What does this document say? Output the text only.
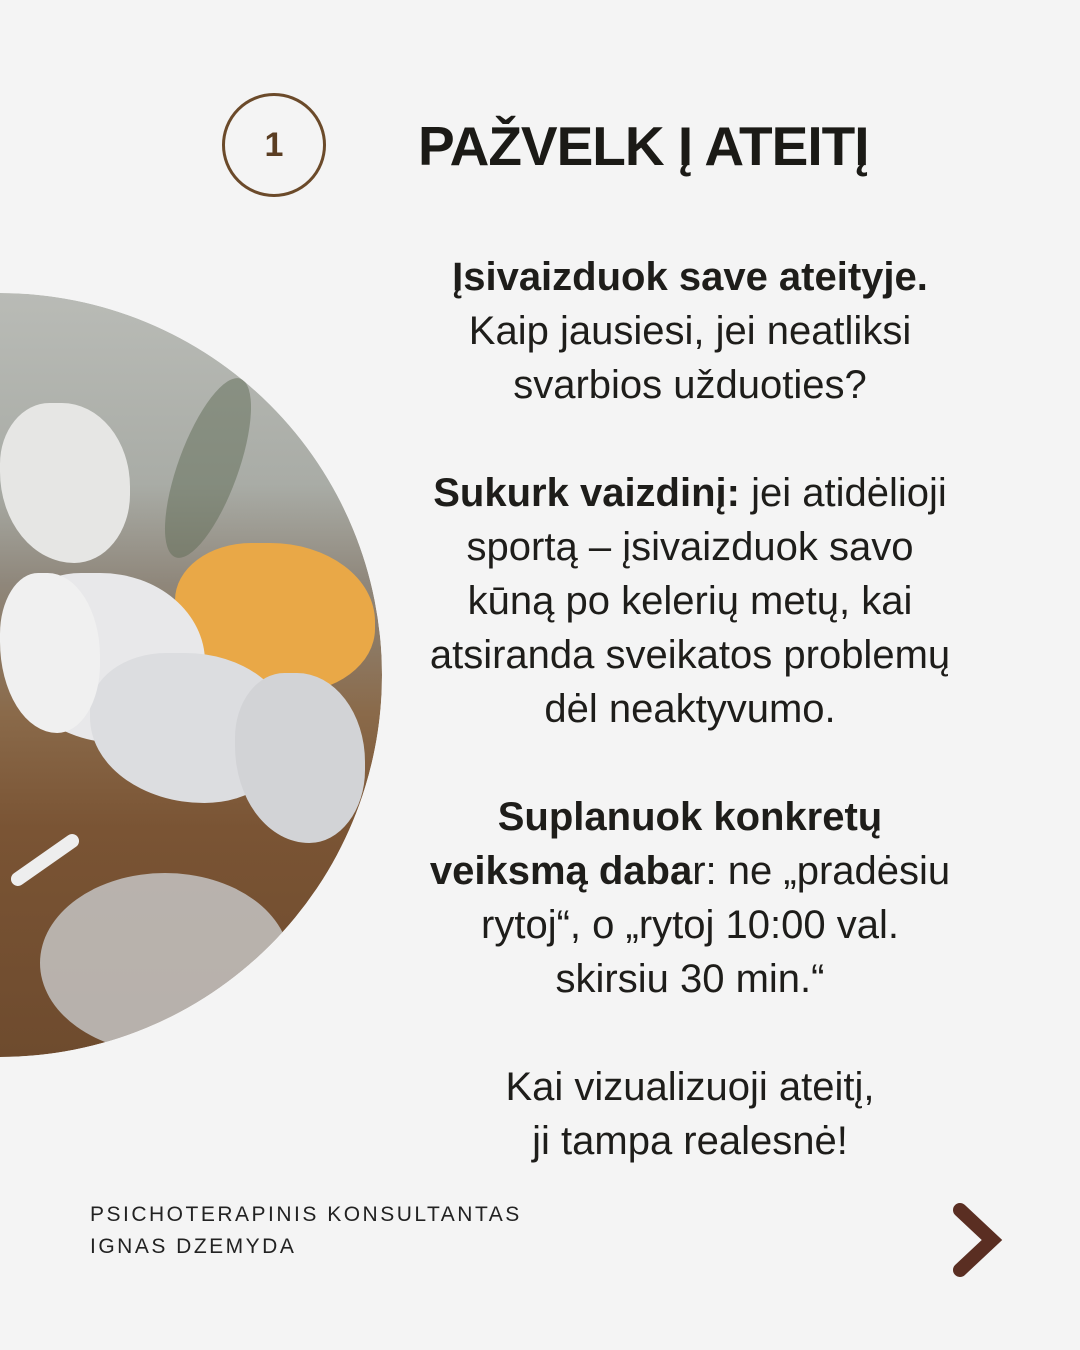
1 PAŽVELK Į ATEITĮ
Įsivaizduok save ateityje.
Kaip jausiesi, jei neatliksi
svarbios užduoties?
Sukurk vaizdinį: jei atidėlioji
sportą – įsivaizduok savo
kūną po kelerių metų, kai
atsiranda sveikatos problemų
dėl neaktyvumo.
Suplanuok konkretų
veiksmą dabar: ne „pradėsiu
rytoj“, o „rytoj 10:00 val.
skirsiu 30 min.“
Kai vizualizuoji ateitį,
ji tampa realesnė!
PSICHOTERAPINIS KONSULTANTAS
IGNAS DZEMYDA
